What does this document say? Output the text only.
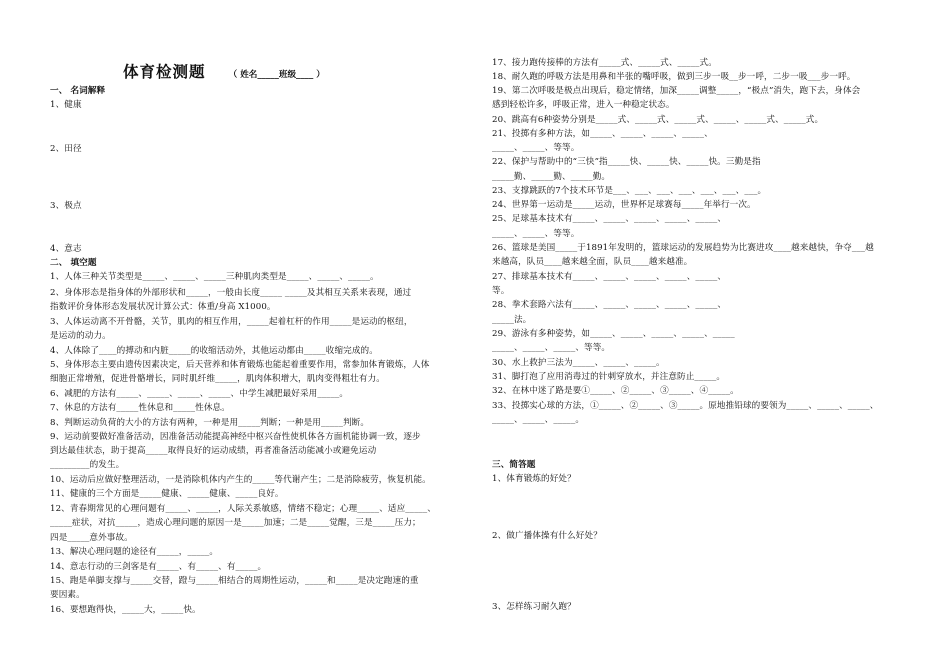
体育检测题	（ 姓名_____班级____ ）
一、 名词解释
1、健康
2、田径
3、极点
4、意志
二、 填空题
1、人体三种关节类型是_____、_____、_____三种肌肉类型是_____、_____、_____。
2、身体形态是指身体的外部形状和_____，一般由长度_____ _____及其相互关系来表现，通过
指数评价身体形态发展状况计算公式：体重/身高 X1000。
3、人体运动离不开骨骼，关节，肌肉的相互作用，_____起着杠杆的作用_____是运动的枢纽，
是运动的动力。
4、人体除了____的搏动和内脏_____的收缩活动外，其他运动都由_____收缩完成的。
5、身体形态主要由遗传因素决定，后天营养和体育锻炼也能起着重要作用，常参加体育锻炼，人体
细胞正常增殖，促进骨骼增长，同时肌纤维_____，肌肉体积增大，肌肉变得粗壮有力。
6、减肥的方法有_____、_____、_____、_____、中学生减肥最好采用_____。
7、休息的方法有_____性休息和_____性休息。
8、判断运动负荷的大小的方法有两种，一种是用_____判断；一种是用_____判断。
9、运动前要做好准备活动，因准备活动能提高神经中枢兴奋性使机体各方面机能协调一致，逐步
到达最佳状态，助于提高_____取得良好的运动成绩，再者准备活动能减小或避免运动
_________的发生。
10、运动后应做好整理活动，一是消除机体内产生的_____等代谢产生；二是消除疲劳，恢复机能。
11、健康的三个方面是_____健康、_____健康、_____良好。
12、青春期常见的心理问题有_____、_____，人际关系敏感，情绪不稳定；心理_____、适应_____、
_____症状，对抗_____，造成心理问题的原因一是_____加速；二是_____觉醒，三是_____压力；
四是_____意外事故。
13、解决心理问题的途径有_____，_____。
14、意志行动的三剑客是有_____、有_____、有_____。
15、跑是单脚支撑与_____交替，蹬与_____相结合的周期性运动，_____和_____是决定跑速的重
要因素。
16、要想跑得快，_____大，_____快。
17、接力跑传接棒的方法有_____式、_____式、_____式。
18、耐久跑的呼吸方法是用鼻和半张的嘴呼吸，做到三步一吸__步一呼，二步一吸___步一呼。
19、第二次呼吸是极点出现后，稳定情绪，加深_____调整_____，“极点”消失，跑下去，身体会
感到轻松许多，呼吸正常，进入一种稳定状态。
20、跳高有6种姿势分别是_____式、_____式、_____式、_____、_____式、_____式。
21、投掷有多种方法，如_____、_____、_____、_____、
_____、_____、等等。
22、保护与帮助中的“三快”指_____快、_____快、_____快。三勤是指
_____勤、_____勤、_____勤。
23、支撑跳跃的7个技术环节是___、___、___、___、___、___、___。
24、世界第一运动是_____运动，世界杯足球赛每_____年举行一次。
25、足球基本技术有_____、_____、_____、_____、_____、
_____、_____、等等。
26、篮球是美国_____于1891年发明的，篮球运动的发展趋势为比赛进攻____越来越快，争夺___越
来越高，队员____越来越全面，队员____越来越准。
27、排球基本技术有_____、_____、_____、_____、_____、
等。
28、拳术套路六法有_____、_____、_____、_____、_____、
_____法。
29、游泳有多种姿势，如_____、_____、_____、_____、_____
_____、_____、_____、等等。
30、水上救护三法为_____、_____、_____。
31、脚打泡了应用消毒过的针刺穿放水，并注意防止_____。
32、在林中迷了路是要①_____、②_____、③_____、④_____。
33、投掷实心球的方法，①_____、②_____、③_____。原地推铅球的要领为_____、_____、_____、
_____、_____、_____。
三、简答题
1、体育锻炼的好处？
2、做广播体操有什么好处？
3、怎样练习耐久跑？
